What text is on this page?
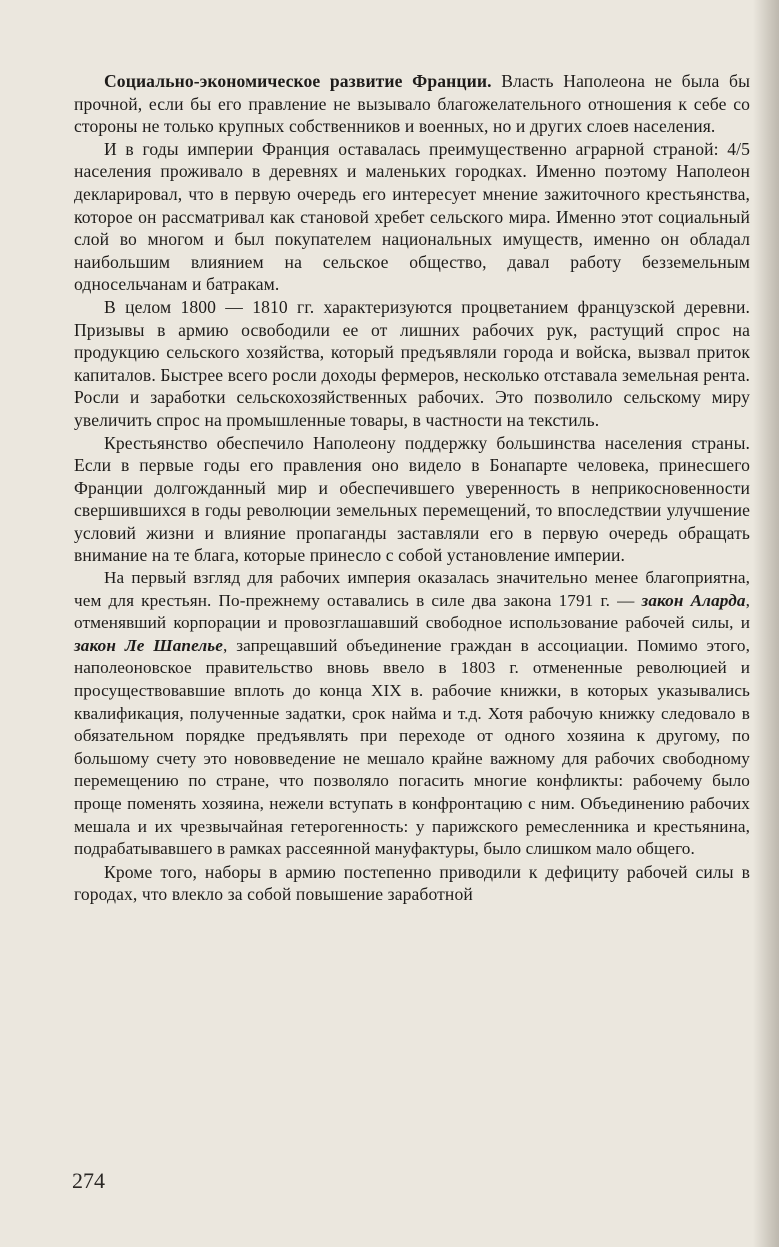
Социально-экономическое развитие Франции. Власть Наполеона не была бы прочной, если бы его правление не вызывало благожелательного отношения к себе со стороны не только крупных собственников и военных, но и других слоев населения.

И в годы империи Франция оставалась преимущественно аграрной страной: 4/5 населения проживало в деревнях и маленьких городках. Именно поэтому Наполеон декларировал, что в первую очередь его интересует мнение зажиточного крестьянства, которое он рассматривал как становой хребет сельского мира. Именно этот социальный слой во многом и был покупателем национальных имуществ, именно он обладал наибольшим влиянием на сельское общество, давал работу безземельным односельчанам и батракам.

В целом 1800 — 1810 гг. характеризуются процветанием французской деревни. Призывы в армию освободили ее от лишних рабочих рук, растущий спрос на продукцию сельского хозяйства, который предъявляли города и войска, вызвал приток капиталов. Быстрее всего росли доходы фермеров, несколько отставала земельная рента. Росли и заработки сельскохозяйственных рабочих. Это позволило сельскому миру увеличить спрос на промышленные товары, в частности на текстиль.

Крестьянство обеспечило Наполеону поддержку большинства населения страны. Если в первые годы его правления оно видело в Бонапарте человека, принесшего Франции долгожданный мир и обеспечившего уверенность в неприкосновенности свершившихся в годы революции земельных перемещений, то впоследствии улучшение условий жизни и влияние пропаганды заставляли его в первую очередь обращать внимание на те блага, которые принесло с собой установление империи.

На первый взгляд для рабочих империя оказалась значительно менее благоприятна, чем для крестьян. По-прежнему оставались в силе два закона 1791 г. — закон Аларда, отменявший корпорации и провозглашавший свободное использование рабочей силы, и закон Ле Шапелье, запрещавший объединение граждан в ассоциации. Помимо этого, наполеоновское правительство вновь ввело в 1803 г. отмененные революцией и просуществовавшие вплоть до конца XIX в. рабочие книжки, в которых указывались квалификация, полученные задатки, срок найма и т.д. Хотя рабочую книжку следовало в обязательном порядке предъявлять при переходе от одного хозяина к другому, по большому счету это нововведение не мешало крайне важному для рабочих свободному перемещению по стране, что позволяло погасить многие конфликты: рабочему было проще поменять хозяина, нежели вступать в конфронтацию с ним. Объединению рабочих мешала и их чрезвычайная гетерогенность: у парижского ремесленника и крестьянина, подрабатывавшего в рамках рассеянной мануфактуры, было слишком мало общего.

Кроме того, наборы в армию постепенно приводили к дефициту рабочей силы в городах, что влекло за собой повышение заработной

274
